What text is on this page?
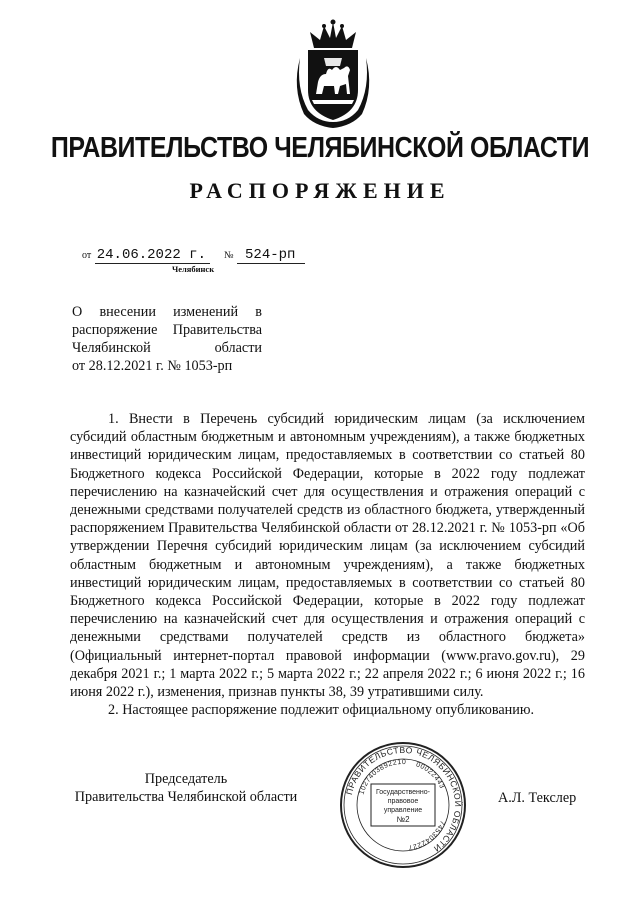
ПРАВИТЕЛЬСТВО ЧЕЛЯБИНСКОЙ ОБЛАСТИ
РАСПОРЯЖЕНИЕ
от 24.06.2022 г. № 524-рп
Челябинск
О внесении изменений в
распоряжение Правительства
Челябинской области
от 28.12.2021 г. № 1053-рп

1. Внести в Перечень субсидий юридическим лицам (за исключением субсидий областным бюджетным и автономным учреждениям), а также бюджетных инвестиций юридическим лицам, предоставляемых в соответствии со статьей 80 Бюджетного кодекса Российской Федерации, которые в 2022 году подлежат перечислению на казначейский счет для осуществления и отражения операций с денежными средствами получателей средств из областного бюджета, утвержденный распоряжением Правительства Челябинской области от 28.12.2021 г. № 1053-рп «Об утверждении Перечня субсидий юридическим лицам (за исключением субсидий областным бюджетным и автономным учреждениям), а также бюджетных инвестиций юридическим лицам, предоставляемых в соответствии со статьей 80 Бюджетного кодекса Российской Федерации, которые в 2022 году подлежат перечислению на казначейский счет для осуществления и отражения операций с денежными средствами получателей средств из областного бюджета» (Официальный интернет-портал правовой информации (www.pravo.gov.ru), 29 декабря 2021 г.; 1 марта 2022 г.; 5 марта 2022 г.; 22 апреля 2022 г.; 6 июня 2022 г.; 16 июня 2022 г.), изменения, признав пункты 38, 39 утратившими силу.

2. Настоящее распоряжение подлежит официальному опубликованию.

Председатель
Правительства Челябинской области	А.Л. Текслер
ПРАВИТЕЛЬСТВО ЧЕЛЯБИНСКОЙ ОБЛАСТИ
1027403892210 00022443
7453042227
Государственно-
правовое
управление
№2
